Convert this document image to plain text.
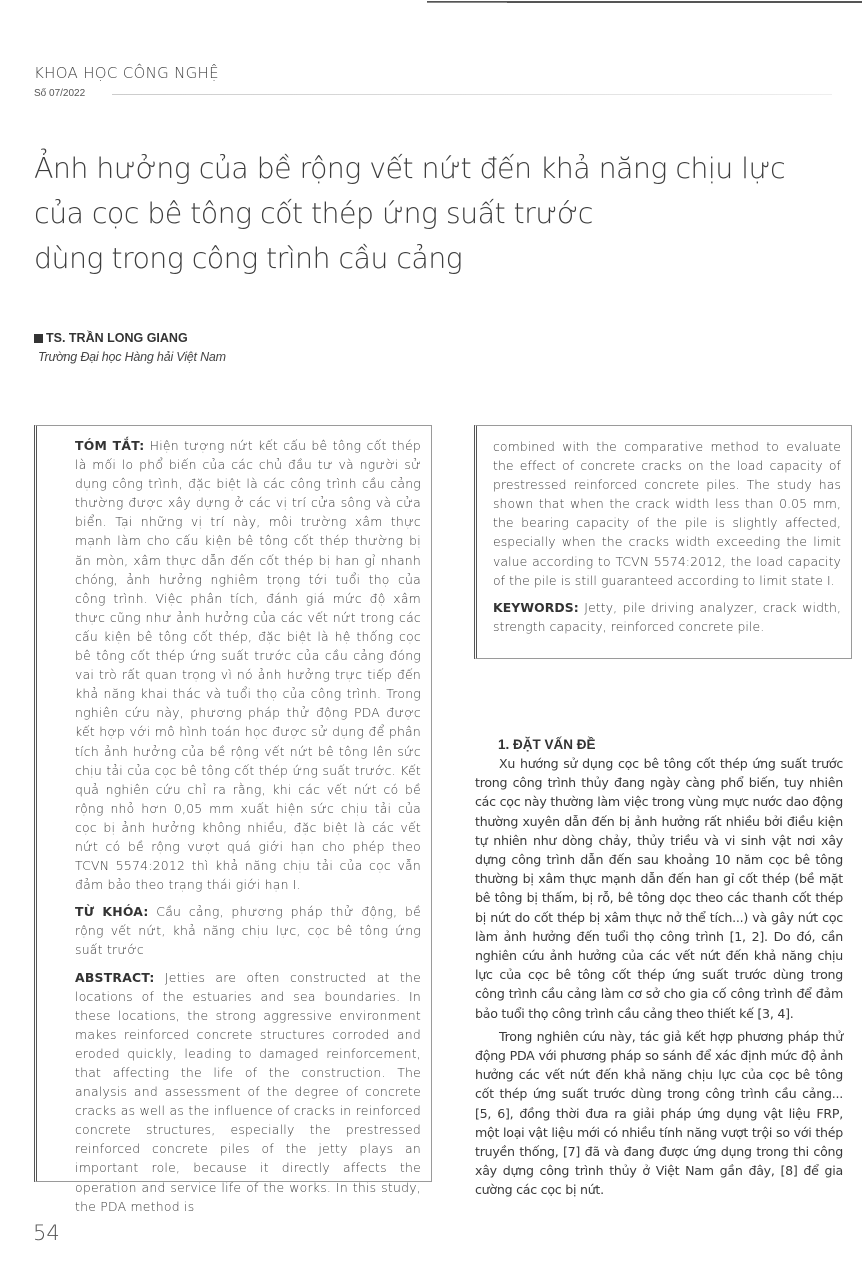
KHOA HỌC CÔNG NGHỆ
Số 07/2022
Ảnh hưởng của bề rộng vết nứt đến khả năng chịu lực
của cọc bê tông cốt thép ứng suất trước
dùng trong công trình cầu cảng
TS. TRẦN LONG GIANG
Trường Đại học Hàng hải Việt Nam

TÓM TẮT: Hiện tượng nứt kết cấu bê tông cốt thép là mối lo phổ biến của các chủ đầu tư và người sử dụng công trình, đặc biệt là các công trình cầu cảng thường được xây dựng ở các vị trí cửa sông và cửa biển. Tại những vị trí này, môi trường xâm thực mạnh làm cho cấu kiện bê tông cốt thép thường bị ăn mòn, xâm thực dẫn đến cốt thép bị han gỉ nhanh chóng, ảnh hưởng nghiêm trọng tới tuổi thọ của công trình. Việc phân tích, đánh giá mức độ xâm thực cũng như ảnh hưởng của các vết nứt trong các cấu kiện bê tông cốt thép, đặc biệt là hệ thống cọc bê tông cốt thép ứng suất trước của cầu cảng đóng vai trò rất quan trọng vì nó ảnh hưởng trực tiếp đến khả năng khai thác và tuổi thọ của công trình. Trong nghiên cứu này, phương pháp thử động PDA được kết hợp với mô hình toán học được sử dụng để phân tích ảnh hưởng của bề rộng vết nứt bê tông lên sức chịu tải của cọc bê tông cốt thép ứng suất trước. Kết quả nghiên cứu chỉ ra rằng, khi các vết nứt có bề rộng nhỏ hơn 0,05 mm xuất hiện sức chịu tải của cọc bị ảnh hưởng không nhiều, đặc biệt là các vết nứt có bề rộng vượt quá giới hạn cho phép theo TCVN 5574:2012 thì khả năng chịu tải của cọc vẫn đảm bảo theo trạng thái giới hạn I.

TỪ KHÓA: Cầu cảng, phương pháp thử động, bề rộng vết nứt, khả năng chịu lực, cọc bê tông ứng suất trước

ABSTRACT: Jetties are often constructed at the locations of the estuaries and sea boundaries. In these locations, the strong aggressive environment makes reinforced concrete structures corroded and eroded quickly, leading to damaged reinforcement, that affecting the life of the construction. The analysis and assessment of the degree of concrete cracks as well as the influence of cracks in reinforced concrete structures, especially the prestressed reinforced concrete piles of the jetty plays an important role, because it directly affects the operation and service life of the works. In this study, the PDA method is

combined with the comparative method to evaluate the effect of concrete cracks on the load capacity of prestressed reinforced concrete piles. The study has shown that when the crack width less than 0.05 mm, the bearing capacity of the pile is slightly affected, especially when the cracks width exceeding the limit value according to TCVN 5574:2012, the load capacity of the pile is still guaranteed according to limit state I.

KEYWORDS: Jetty, pile driving analyzer, crack width, strength capacity, reinforced concrete pile.

1. ĐẶT VẤN ĐỀ

Xu hướng sử dụng cọc bê tông cốt thép ứng suất trước trong công trình thủy đang ngày càng phổ biến, tuy nhiên các cọc này thường làm việc trong vùng mực nước dao động thường xuyên dẫn đến bị ảnh hưởng rất nhiều bởi điều kiện tự nhiên như dòng chảy, thủy triều và vi sinh vật nơi xây dựng công trình dẫn đến sau khoảng 10 năm cọc bê tông thường bị xâm thực mạnh dẫn đến han gỉ cốt thép (bề mặt bê tông bị thấm, bị rỗ, bê tông dọc theo các thanh cốt thép bị nứt do cốt thép bị xâm thực nở thể tích...) và gây nứt cọc làm ảnh hưởng đến tuổi thọ công trình [1, 2]. Do đó, cần nghiên cứu ảnh hưởng của các vết nứt đến khả năng chịu lực của cọc bê tông cốt thép ứng suất trước dùng trong công trình cầu cảng làm cơ sở cho gia cố công trình để đảm bảo tuổi thọ công trình cầu cảng theo thiết kế [3, 4].

Trong nghiên cứu này, tác giả kết hợp phương pháp thử động PDA với phương pháp so sánh để xác định mức độ ảnh hưởng các vết nứt đến khả năng chịu lực của cọc bê tông cốt thép ứng suất trước dùng trong công trình cầu cảng... [5, 6], đồng thời đưa ra giải pháp ứng dụng vật liệu FRP, một loại vật liệu mới có nhiều tính năng vượt trội so với thép truyền thống, [7] đã và đang được ứng dụng trong thi công xây dựng công trình thủy ở Việt Nam gần đây, [8] để gia cường các cọc bị nứt.

54
